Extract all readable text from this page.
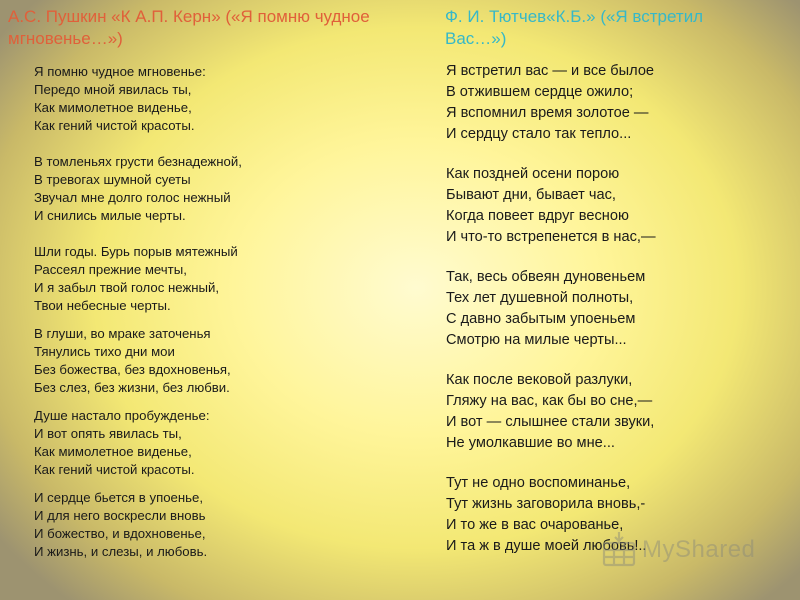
А.С. Пушкин «К А.П. Керн» («Я помню чудное мгновенье…»)
Ф. И. Тютчев«К.Б.» («Я встретил Вас…»)

Я помню чудное мгновенье:
Передо мной явилась ты,
Как мимолетное виденье,
Как гений чистой красоты.

В томленьях грусти безнадежной,
В тревогах шумной суеты
Звучал мне долго голос нежный
И снились милые черты.

Шли годы. Бурь порыв мятежный
Рассеял прежние мечты,
И я забыл твой голос нежный,
Твои небесные черты.

В глуши, во мраке заточенья
Тянулись тихо дни мои
Без божества, без вдохновенья,
Без слез, без жизни, без любви.

Душе настало пробужденье:
И вот опять явилась ты,
Как мимолетное виденье,
Как гений чистой красоты.

И сердце бьется в упоенье,
И для него воскресли вновь
И божество, и вдохновенье,
И жизнь, и слезы, и любовь.

Я встретил вас — и все былое
В отжившем сердце ожило;
Я вспомнил время золотое —
И сердцу стало так тепло...

Как поздней осени порою
Бывают дни, бывает час,
Когда повеет вдруг весною
И что-то встрепенется в нас,—

Так, весь обвеян дуновеньем
Тех лет душевной полноты,
С давно забытым упоеньем
Смотрю на милые черты...

Как после вековой разлуки,
Гляжу на вас, как бы во сне,—
И вот — слышнее стали звуки,
Не умолкавшие во мне...

Тут не одно воспоминанье,
Тут жизнь заговорила вновь,-
И то же в вас очарованье,
И та ж в душе моей любовь!..

MyShared
